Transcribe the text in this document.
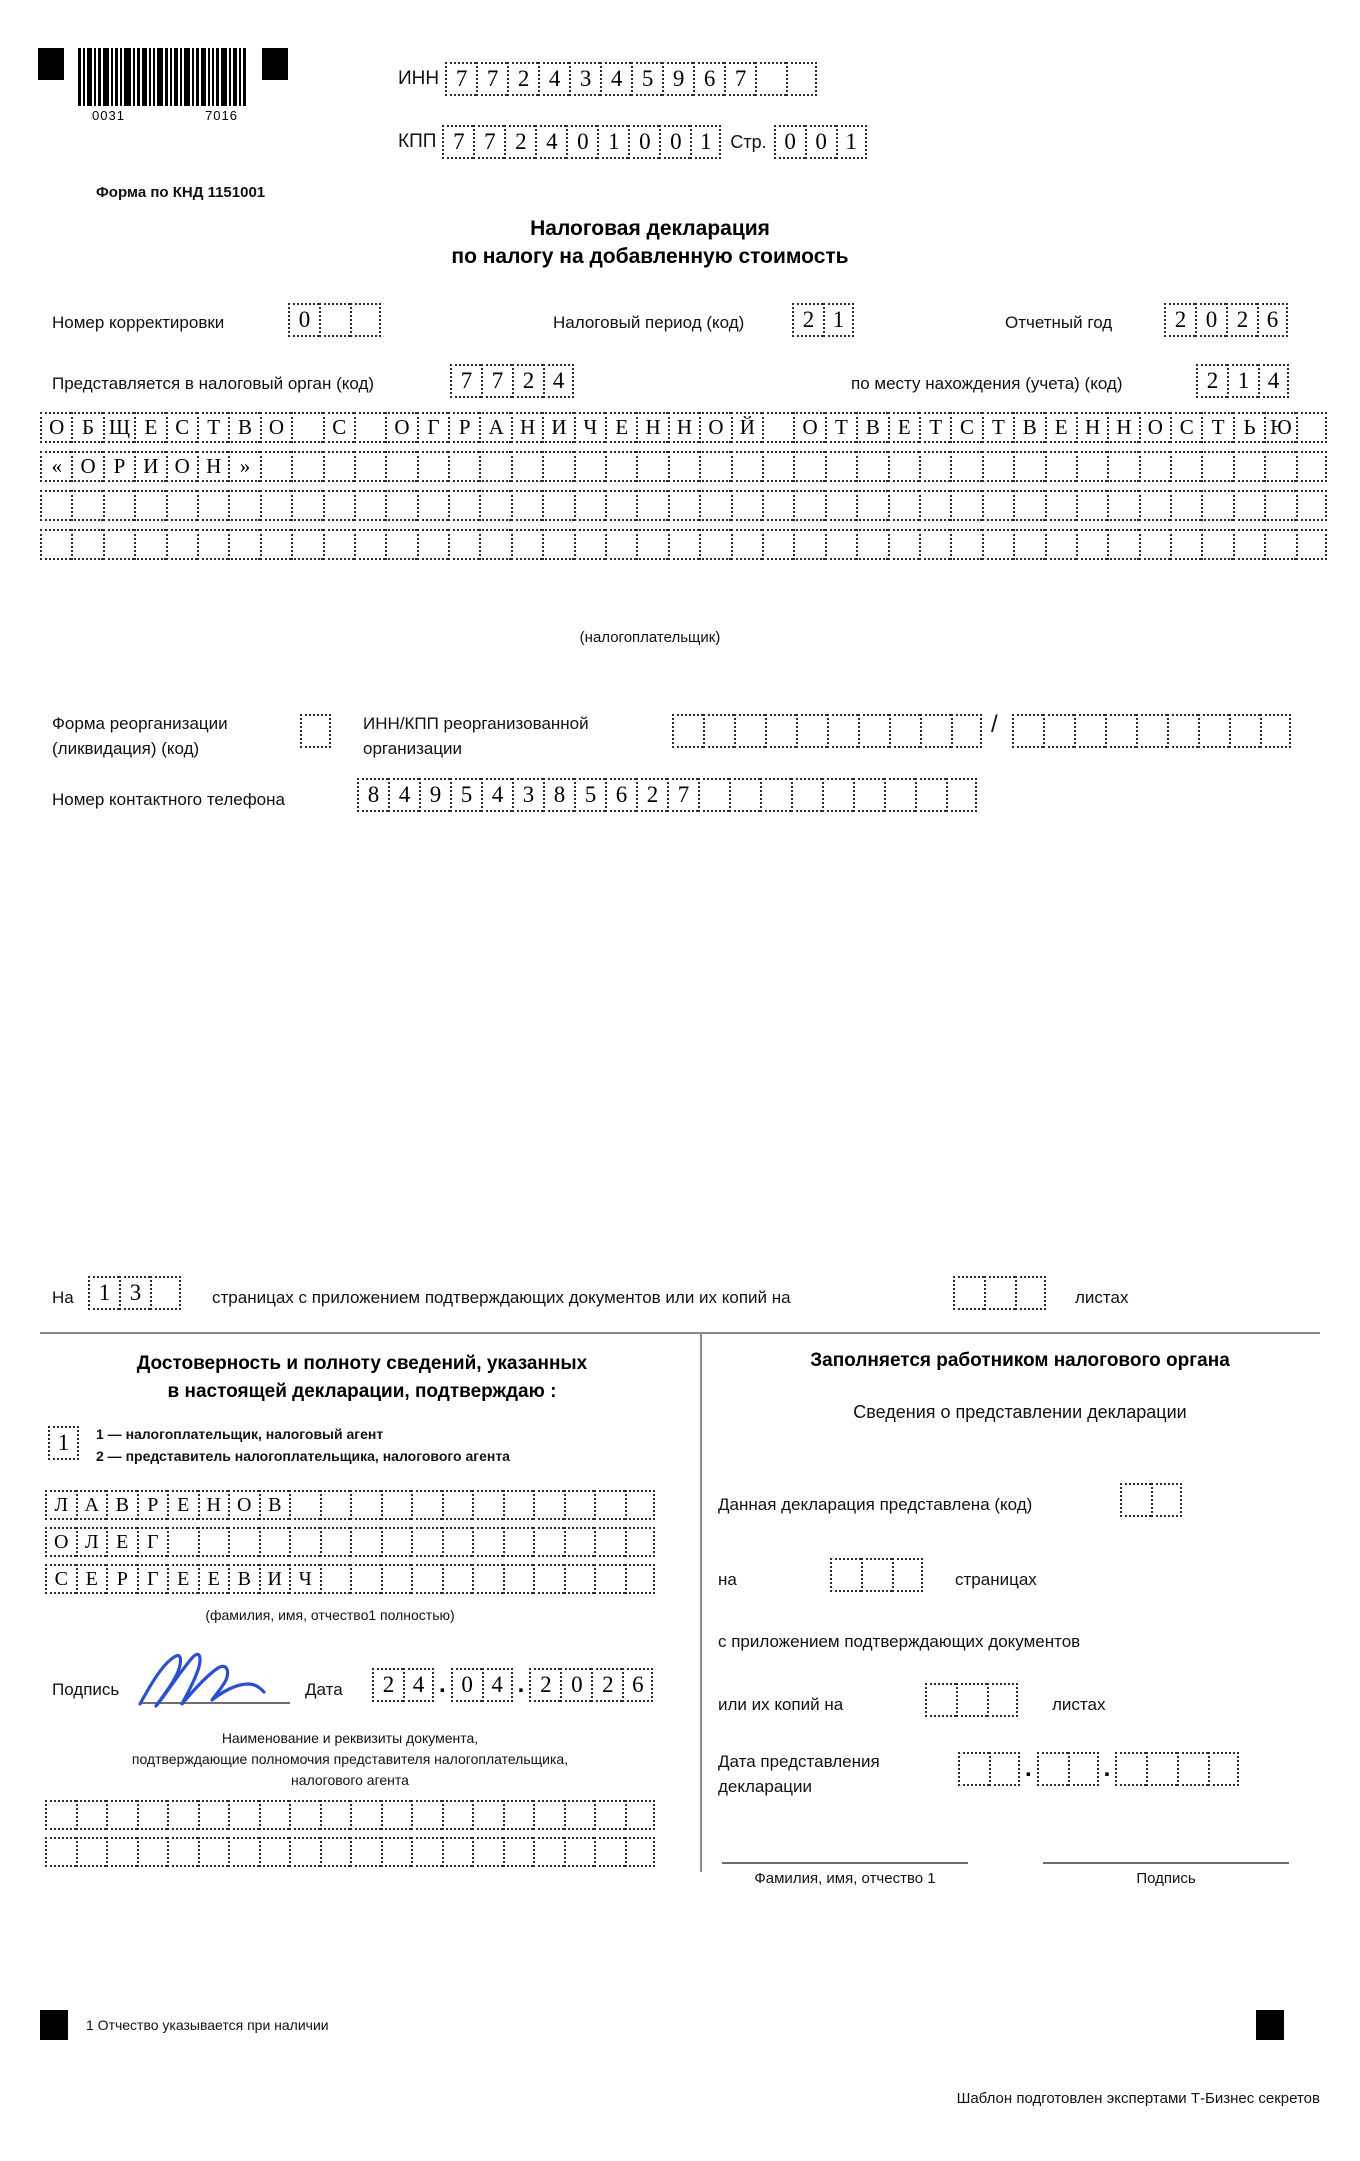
0031	7016
Форма по КНД 1151001
ИНН 7 7 2 4 3 4 5 9 6 7
КПП 7 7 2 4 0 1 0 0 1	Стр. 0 0 1
Налоговая декларация
по налогу на добавленную стоимость
Номер корректировки	0	Налоговый период (код)	2 1	Отчетный год	2 0 2 6
Представляется в налоговый орган (код)	7 7 2 4	по месту нахождения (учета) (код)	2 1 4
О Б Щ Е С Т В О	С	О Г Р А Н И Ч Е Н Н О Й	О Т В Е Т С Т В Е Н Н О С Т Ь Ю
« О Р И О Н »
(налогоплательщик)
Форма реорганизации
(ликвидация) (код)
ИНН/КПП реорганизованной
организации
/
Номер контактного телефона	8 4 9 5 4 3 8 5 6 2 7
На	1 3	страницах с приложением подтверждающих документов или их копий на	листах
Достоверность и полноту сведений, указанных
в настоящей декларации, подтверждаю :
1	1 — налогоплательщик, налоговый агент
2 — представитель налогоплательщика, налогового агента
Л А В Р Е Н О В
О Л Е Г
С Е Р Г Е Е В И Ч
(фамилия, имя, отчество1 полностью)
Подпись	Дата	2 4 . 0 4 . 2 0 2 6
Наименование и реквизиты документа,
подтверждающие полномочия представителя налогоплательщика,
налогового агента
Заполняется работником налогового органа
Сведения о представлении декларации
Данная декларация представлена (код)
на	страницах
с приложением подтверждающих документов
или их копий на	листах
Дата представления
декларации
.	.
Фамилия, имя, отчество 1	Подпись
1 Отчество указывается при наличии
Шаблон подготовлен экспертами Т-Бизнес секретов
